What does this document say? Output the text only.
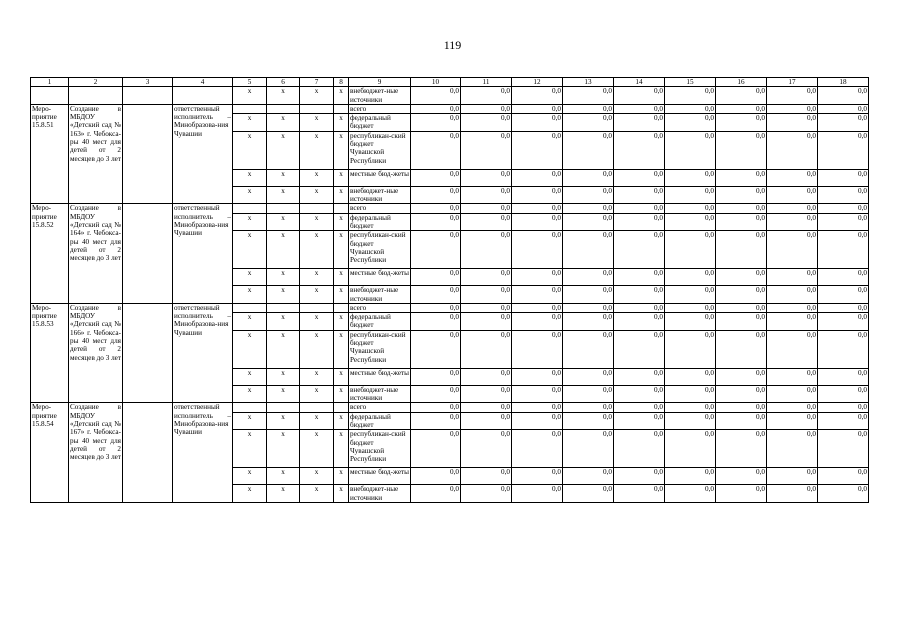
119
1	2	3	4	5	6	7	8	9	10	11	12	13	14	15	16	17	18
				х	х	х	х	внебюджет-ные источники	0,0	0,0	0,0	0,0	0,0	0,0	0,0	0,0	0,0
Меро-приятие 15.8.51	Создание в МБДОУ «Детский сад № 163» г. Чебокса-ры 40 мест для детей от 2 месяцев до 3 лет		ответственный исполнитель – Минобразова-ния Чувашии					всего	0,0	0,0	0,0	0,0	0,0	0,0	0,0	0,0	0,0
				х	х	х	х	федеральный бюджет	0,0	0,0	0,0	0,0	0,0	0,0	0,0	0,0	0,0
				х	х	х	х	республикан-ский бюджет Чувашской Республики	0,0	0,0	0,0	0,0	0,0	0,0	0,0	0,0	0,0
				х	х	х	х	местные бюд-жеты	0,0	0,0	0,0	0,0	0,0	0,0	0,0	0,0	0,0
				х	х	х	х	внебюджет-ные источники	0,0	0,0	0,0	0,0	0,0	0,0	0,0	0,0	0,0
Меро-приятие 15.8.52	Создание в МБДОУ «Детский сад № 164» г. Чебокса-ры 40 мест для детей от 2 месяцев до 3 лет		ответственный исполнитель – Минобразова-ния Чувашии					всего	0,0	0,0	0,0	0,0	0,0	0,0	0,0	0,0	0,0
				х	х	х	х	федеральный бюджет	0,0	0,0	0,0	0,0	0,0	0,0	0,0	0,0	0,0
				х	х	х	х	республикан-ский бюджет Чувашской Республики	0,0	0,0	0,0	0,0	0,0	0,0	0,0	0,0	0,0
				х	х	х	х	местные бюд-жеты	0,0	0,0	0,0	0,0	0,0	0,0	0,0	0,0	0,0
				х	х	х	х	внебюджет-ные источники	0,0	0,0	0,0	0,0	0,0	0,0	0,0	0,0	0,0
Меро-приятие 15.8.53	Создание в МБДОУ «Детский сад № 166» г. Чебокса-ры 40 мест для детей от 2 месяцев до 3 лет		ответственный исполнитель – Минобразова-ния Чувашии					всего	0,0	0,0	0,0	0,0	0,0	0,0	0,0	0,0	0,0
				х	х	х	х	федеральный бюджет	0,0	0,0	0,0	0,0	0,0	0,0	0,0	0,0	0,0
				х	х	х	х	республикан-ский бюджет Чувашской Республики	0,0	0,0	0,0	0,0	0,0	0,0	0,0	0,0	0,0
				х	х	х	х	местные бюд-жеты	0,0	0,0	0,0	0,0	0,0	0,0	0,0	0,0	0,0
				х	х	х	х	внебюджет-ные источники	0,0	0,0	0,0	0,0	0,0	0,0	0,0	0,0	0,0
Меро-приятие 15.8.54	Создание в МБДОУ «Детский сад № 167» г. Чебокса-ры 40 мест для детей от 2 месяцев до 3 лет		ответственный исполнитель – Минобразова-ния Чувашии					всего	0,0	0,0	0,0	0,0	0,0	0,0	0,0	0,0	0,0
				х	х	х	х	федеральный бюджет	0,0	0,0	0,0	0,0	0,0	0,0	0,0	0,0	0,0
				х	х	х	х	республикан-ский бюджет Чувашской Республики	0,0	0,0	0,0	0,0	0,0	0,0	0,0	0,0	0,0
				х	х	х	х	местные бюд-жеты	0,0	0,0	0,0	0,0	0,0	0,0	0,0	0,0	0,0
				х	х	х	х	внебюджет-ные источники	0,0	0,0	0,0	0,0	0,0	0,0	0,0	0,0	0,0
